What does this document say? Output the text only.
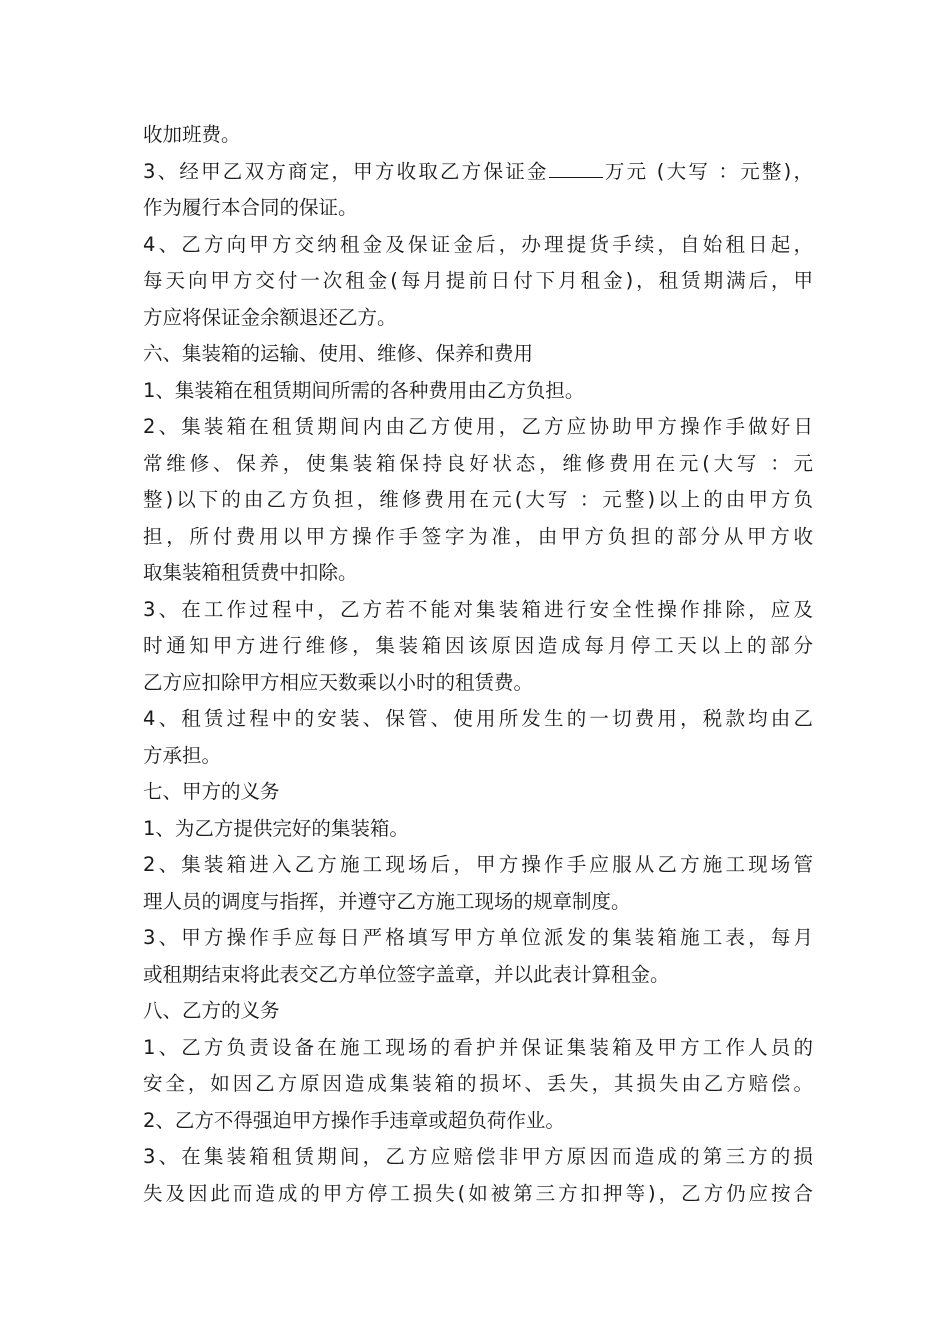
收加班费。
3、经甲乙双方商定，甲方收取乙方保证金	万元 (大写 ：元整)，
作为履行本合同的保证。
4、乙方向甲方交纳租金及保证金后，办理提货手续，自始租日起，
每天向甲方交付一次租金(每月提前日付下月租金)，租赁期满后，甲
方应将保证金余额退还乙方。
六、集装箱的运输、使用、维修、保养和费用
1、集装箱在租赁期间所需的各种费用由乙方负担。
2、集装箱在租赁期间内由乙方使用，乙方应协助甲方操作手做好日
常维修、保养，使集装箱保持良好状态，维修费用在元(大写 ：元
整)以下的由乙方负担，维修费用在元(大写 ：元整)以上的由甲方负
担，所付费用以甲方操作手签字为准，由甲方负担的部分从甲方收
取集装箱租赁费中扣除。
3、在工作过程中，乙方若不能对集装箱进行安全性操作排除，应及
时通知甲方进行维修，集装箱因该原因造成每月停工天以上的部分
乙方应扣除甲方相应天数乘以小时的租赁费。
4、租赁过程中的安装、保管、使用所发生的一切费用，税款均由乙
方承担。
七、甲方的义务
1、为乙方提供完好的集装箱。
2、集装箱进入乙方施工现场后，甲方操作手应服从乙方施工现场管
理人员的调度与指挥，并遵守乙方施工现场的规章制度。
3、甲方操作手应每日严格填写甲方单位派发的集装箱施工表，每月
或租期结束将此表交乙方单位签字盖章，并以此表计算租金。
八、乙方的义务
1、乙方负责设备在施工现场的看护并保证集装箱及甲方工作人员的
安全，如因乙方原因造成集装箱的损坏、丢失，其损失由乙方赔偿。
2、乙方不得强迫甲方操作手违章或超负荷作业。
3、在集装箱租赁期间，乙方应赔偿非甲方原因而造成的第三方的损
失及因此而造成的甲方停工损失(如被第三方扣押等)，乙方仍应按合
